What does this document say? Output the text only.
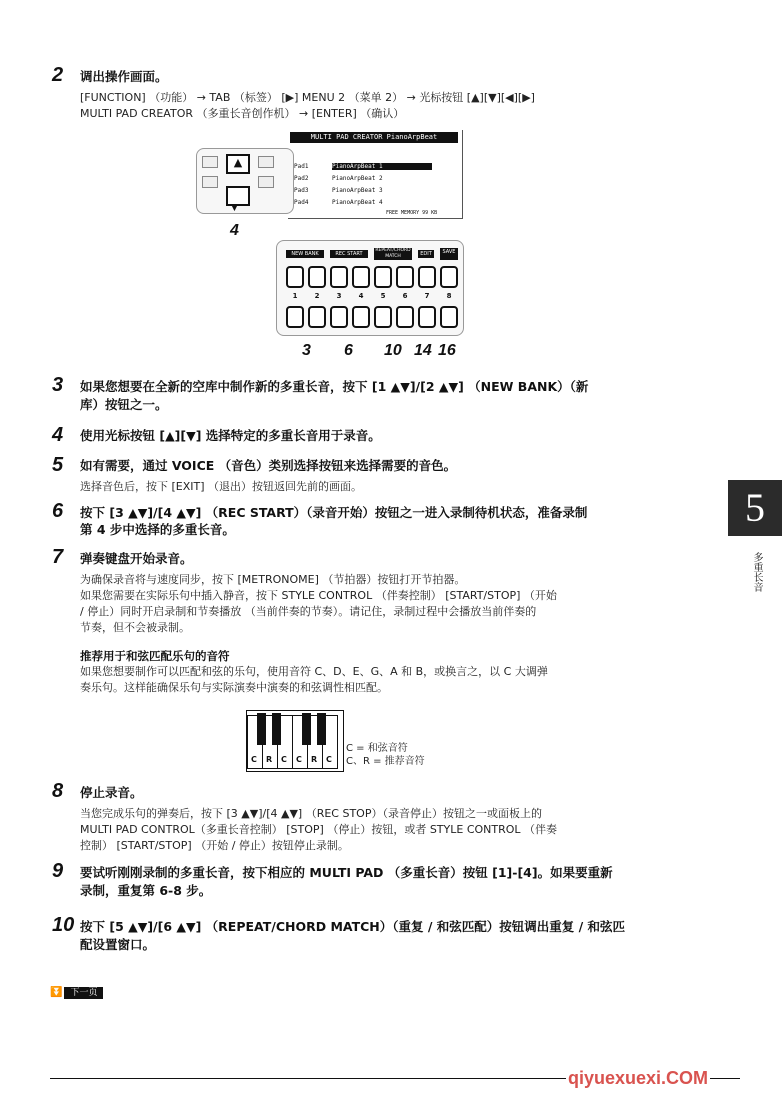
2 调出操作画面。
[FUNCTION] （功能） → TAB （标签） [▶] MENU 2 （菜单 2） → 光标按钮 [▲][▼][◀][▶]
MULTI PAD CREATOR （多重长音创作机） → [ENTER] （确认）
▲
▼
MULTI PAD CREATOR PianoArpBeat
Pad1	PianoArpBeat 1
Pad2	PianoArpBeat 2
Pad3	PianoArpBeat 3
Pad4	PianoArpBeat 4
FREE MEMORY 99 KB
NEW BANK	REC START
REPEAT/CHORD MATCH	EDIT	SAVE
1	2	3	4	5	6	7	8
4
3 6 10 14 16
3 如果您想要在全新的空库中制作新的多重长音，按下 [1 ▲▼]/[2 ▲▼] （NEW BANK）（新
库）按钮之一。
4 使用光标按钮 [▲][▼] 选择特定的多重长音用于录音。
5 如有需要，通过 VOICE （音色）类别选择按钮来选择需要的音色。
选择音色后，按下 [EXIT] （退出）按钮返回先前的画面。
6 按下 [3 ▲▼]/[4 ▲▼] （REC START）（录音开始）按钮之一进入录制待机状态，准备录制
第 4 步中选择的多重长音。
7 弹奏键盘开始录音。
为确保录音将与速度同步，按下 [METRONOME] （节拍器）按钮打开节拍器。
如果您需要在实际乐句中插入静音，按下 STYLE CONTROL （伴奏控制） [START/STOP] （开始
/ 停止）同时开启录制和节奏播放 （当前伴奏的节奏）。请记住，录制过程中会播放当前伴奏的
节奏，但不会被录制。
推荐用于和弦匹配乐句的音符
如果您想要制作可以匹配和弦的乐句，使用音符 C、D、E、G、A 和 B，或换言之，以 C 大调弹
奏乐句。这样能确保乐句与实际演奏中演奏的和弦调性相匹配。
C R C C R C
C = 和弦音符
C、R = 推荐音符
8 停止录音。
当您完成乐句的弹奏后，按下 [3 ▲▼]/[4 ▲▼] （REC STOP）（录音停止）按钮之一或面板上的
MULTI PAD CONTROL（多重长音控制） [STOP] （停止）按钮，或者 STYLE CONTROL （伴奏
控制） [START/STOP] （开始 / 停止）按钮停止录制。
9 要试听刚刚录制的多重长音，按下相应的 MULTI PAD （多重长音）按钮 [1]-[4]。如果要重新
录制，重复第 6-8 步。
10 按下 [5 ▲▼]/[6 ▲▼] （REPEAT/CHORD MATCH）（重复 / 和弦匹配）按钮调出重复 / 和弦匹
配设置窗口。
⏬ 下一页
5
多重长音
qiyuexuexi.COM
